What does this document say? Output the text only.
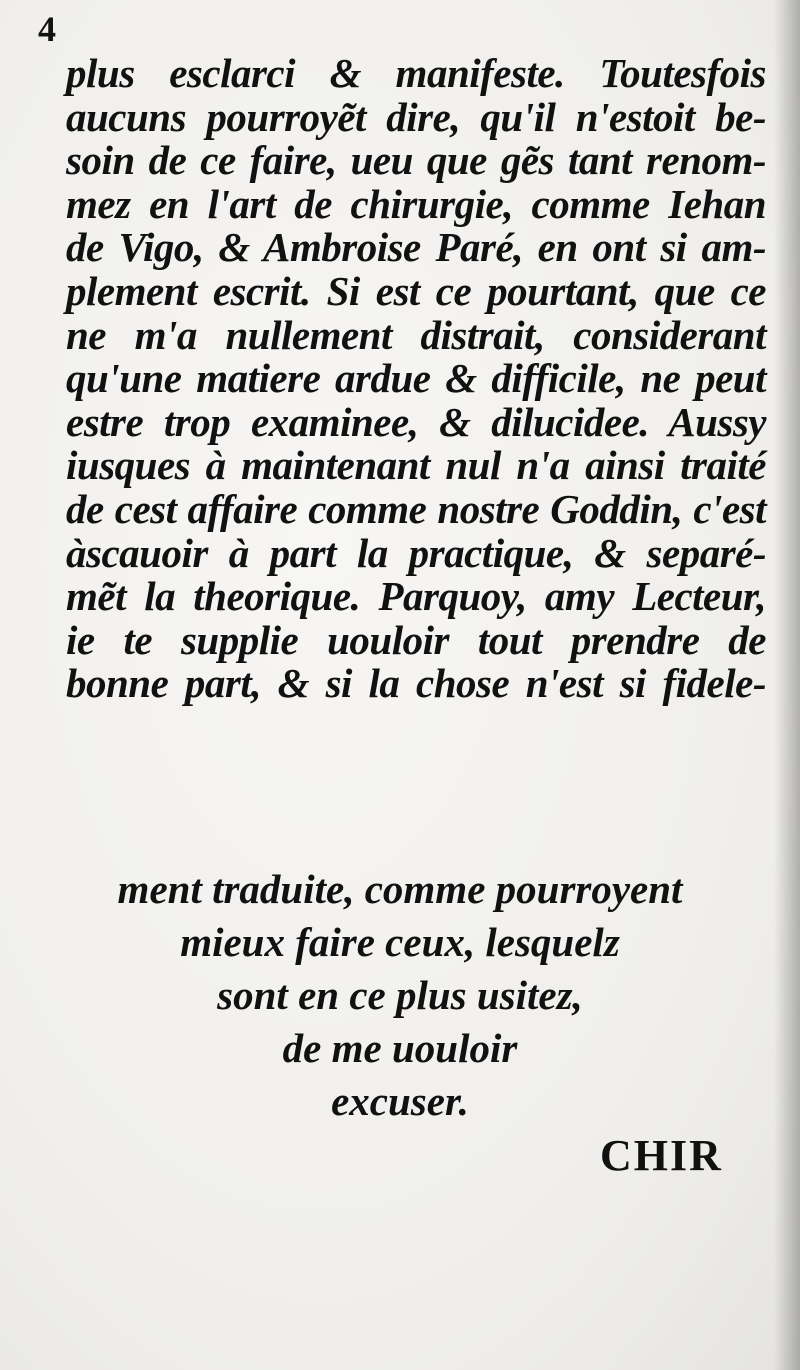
4
plus esclarci & manifeste. Toutesfois
aucuns pourroyẽt dire, qu'il n'estoit be-
soin de ce faire, ueu que gẽs tant renom-
mez en l'art de chirurgie, comme Iehan
de Vigo, & Ambroise Paré, en ont si am-
plement escrit. Si est ce pourtant, que ce
ne m'a nullement distrait, considerant
qu'une matiere ardue & difficile, ne peut
estre trop examinee, & dilucidee. Aussy
iusques à maintenant nul n'a ainsi traité
de cest affaire comme nostre Goddin, c'est
àscauoir à part la practique, & separé-
mẽt la theorique. Parquoy, amy Lecteur,
ie te supplie uouloir tout prendre de
bonne part, & si la chose n'est si fidele-
ment traduite, comme pourroyent
mieux faire ceux, lesquelz
sont en ce plus usitez,
de me uouloir
excuser.
CHIR
